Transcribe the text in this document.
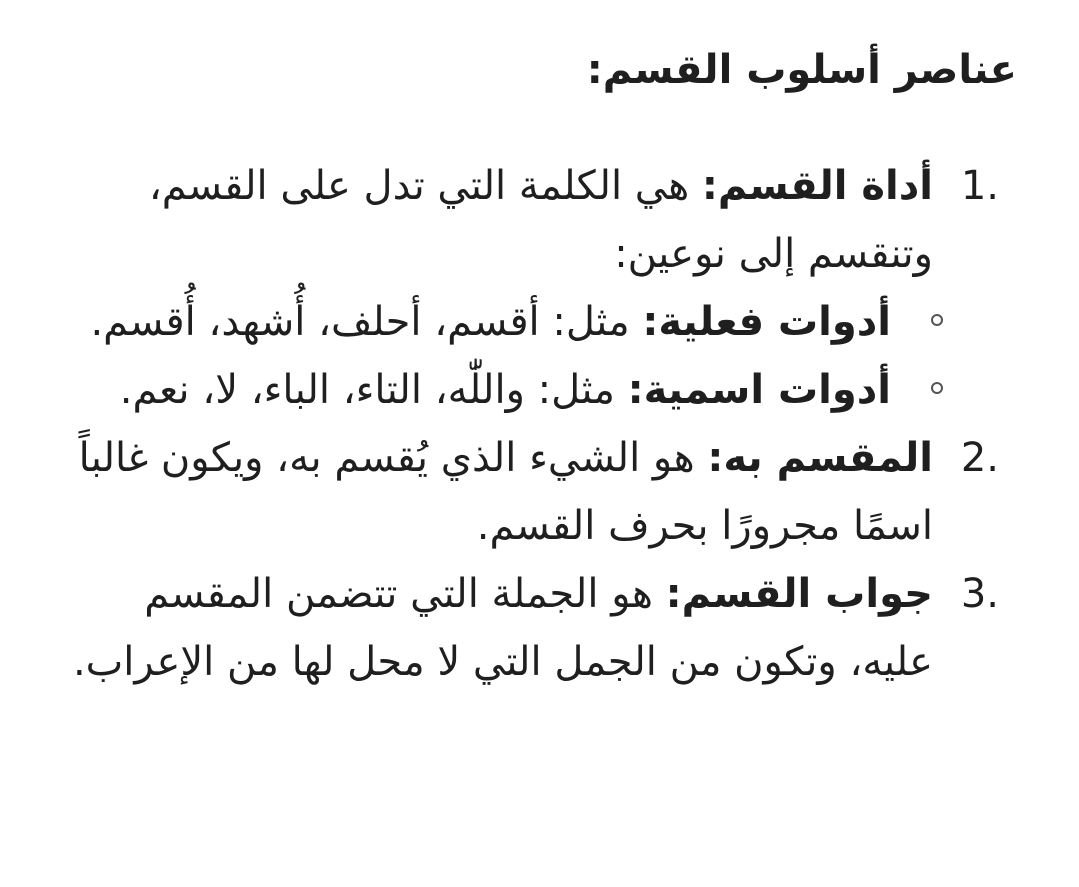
عناصر أسلوب القسم:
1.
أداة القسم: هي الكلمة التي تدل على القسم، وتنقسم إلى نوعين:
أدوات فعلية: مثل: أقسم، أحلف، أُشهد، أُقسم.
أدوات اسمية: مثل: واللّٰه، التاء، الباء، لا، نعم.
2.
المقسم به: هو الشيء الذي يُقسم به، ويكون غالباً اسمًا مجرورًا بحرف القسم.
3.
جواب القسم: هو الجملة التي تتضمن المقسم عليه، وتكون من الجمل التي لا محل لها من الإعراب.
